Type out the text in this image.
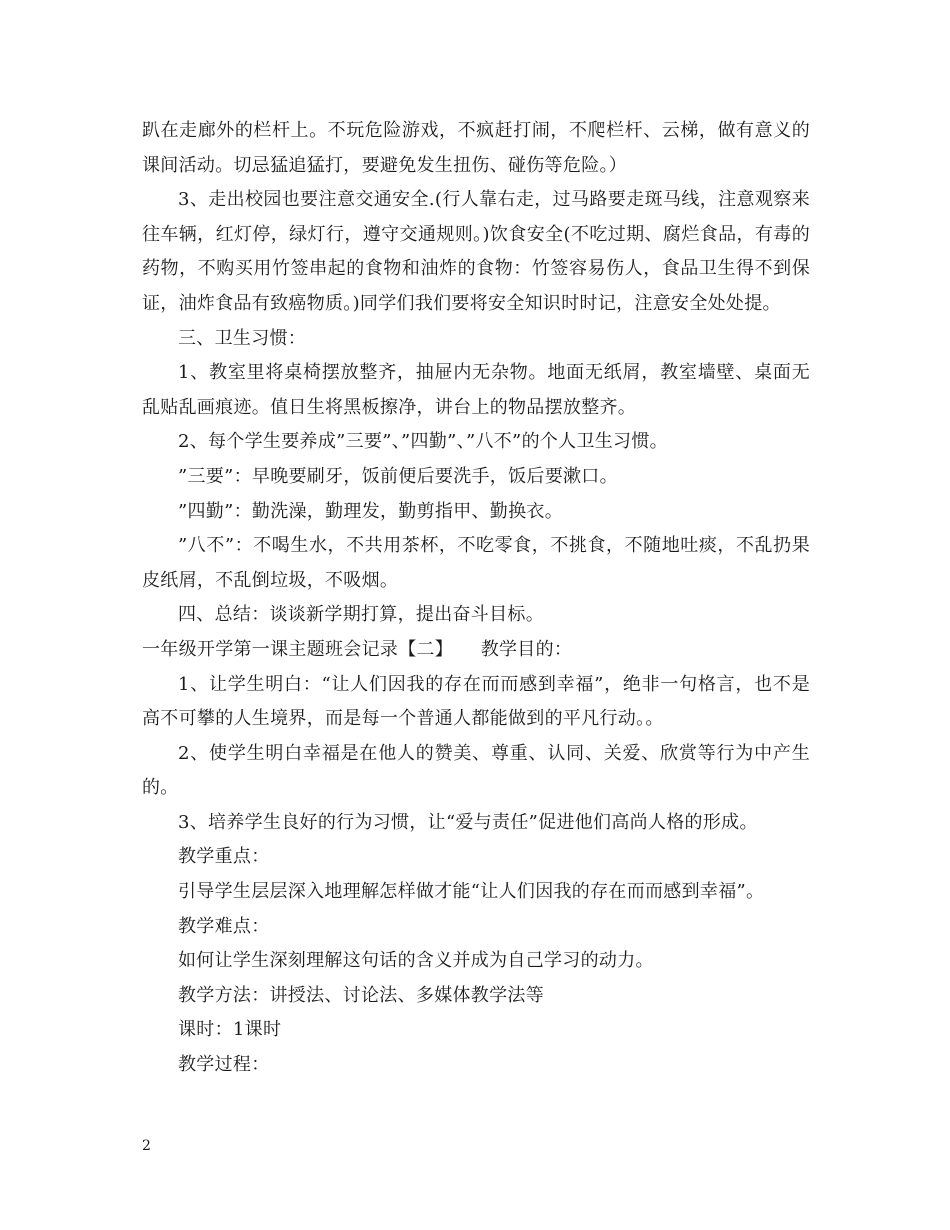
趴在走廊外的栏杆上。不玩危险游戏，不疯赶打闹，不爬栏杆、云梯，做有意义的课间活动。切忌猛追猛打，要避免发生扭伤、碰伤等危险。）

3、走出校园也要注意交通安全.(行人靠右走，过马路要走斑马线，注意观察来往车辆，红灯停，绿灯行，遵守交通规则。)饮食安全(不吃过期、腐烂食品，有毒的药物，不购买用竹签串起的食物和油炸的食物：竹签容易伤人，食品卫生得不到保证，油炸食品有致癌物质。)同学们我们要将安全知识时时记，注意安全处处提。

三、卫生习惯：

1、教室里将桌椅摆放整齐，抽屉内无杂物。地面无纸屑，教室墙壁、桌面无乱贴乱画痕迹。值日生将黑板擦净，讲台上的物品摆放整齐。

2、每个学生要养成”三要”、”四勤”、”八不”的个人卫生习惯。

”三要”：早晚要刷牙，饭前便后要洗手，饭后要漱口。

”四勤”：勤洗澡，勤理发，勤剪指甲、勤换衣。

”八不”：不喝生水，不共用茶杯，不吃零食，不挑食，不随地吐痰，不乱扔果皮纸屑，不乱倒垃圾，不吸烟。

四、总结：谈谈新学期打算，提出奋斗目标。

一年级开学第一课主题班会记录【二】　　教学目的：

1、让学生明白：“让人们因我的存在而而感到幸福”，绝非一句格言，也不是高不可攀的人生境界，而是每一个普通人都能做到的平凡行动。。

2、使学生明白幸福是在他人的赞美、尊重、认同、关爱、欣赏等行为中产生的。

3、培养学生良好的行为习惯，让“爱与责任”促进他们高尚人格的形成。

教学重点：

引导学生层层深入地理解怎样做才能“让人们因我的存在而而感到幸福”。

教学难点：

如何让学生深刻理解这句话的含义并成为自己学习的动力。

教学方法：讲授法、讨论法、多媒体教学法等

课时：1课时

教学过程：

2
